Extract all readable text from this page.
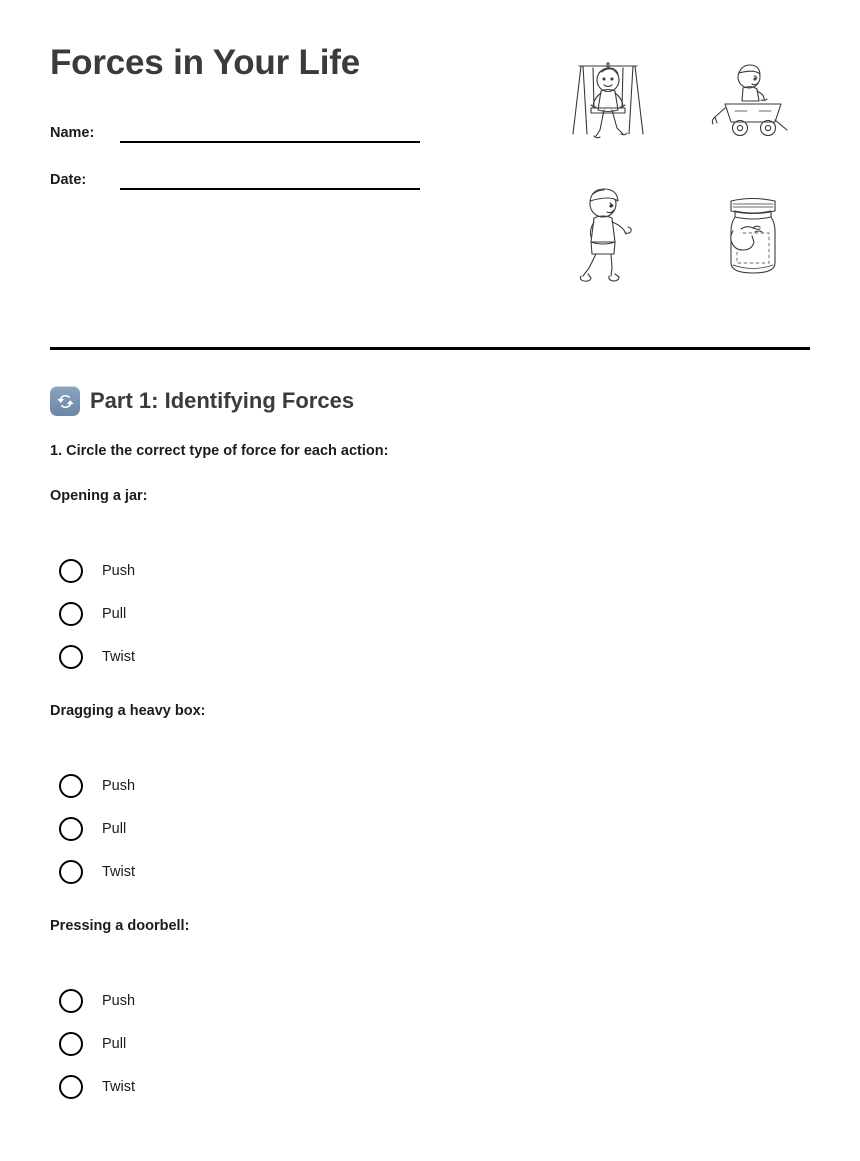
Forces in Your Life
Name:
Date:
Part 1: Identifying Forces
1. Circle the correct type of force for each action:
Opening a jar:
Push
Pull
Twist
Dragging a heavy box:
Push
Pull
Twist
Pressing a doorbell:
Push
Pull
Twist
